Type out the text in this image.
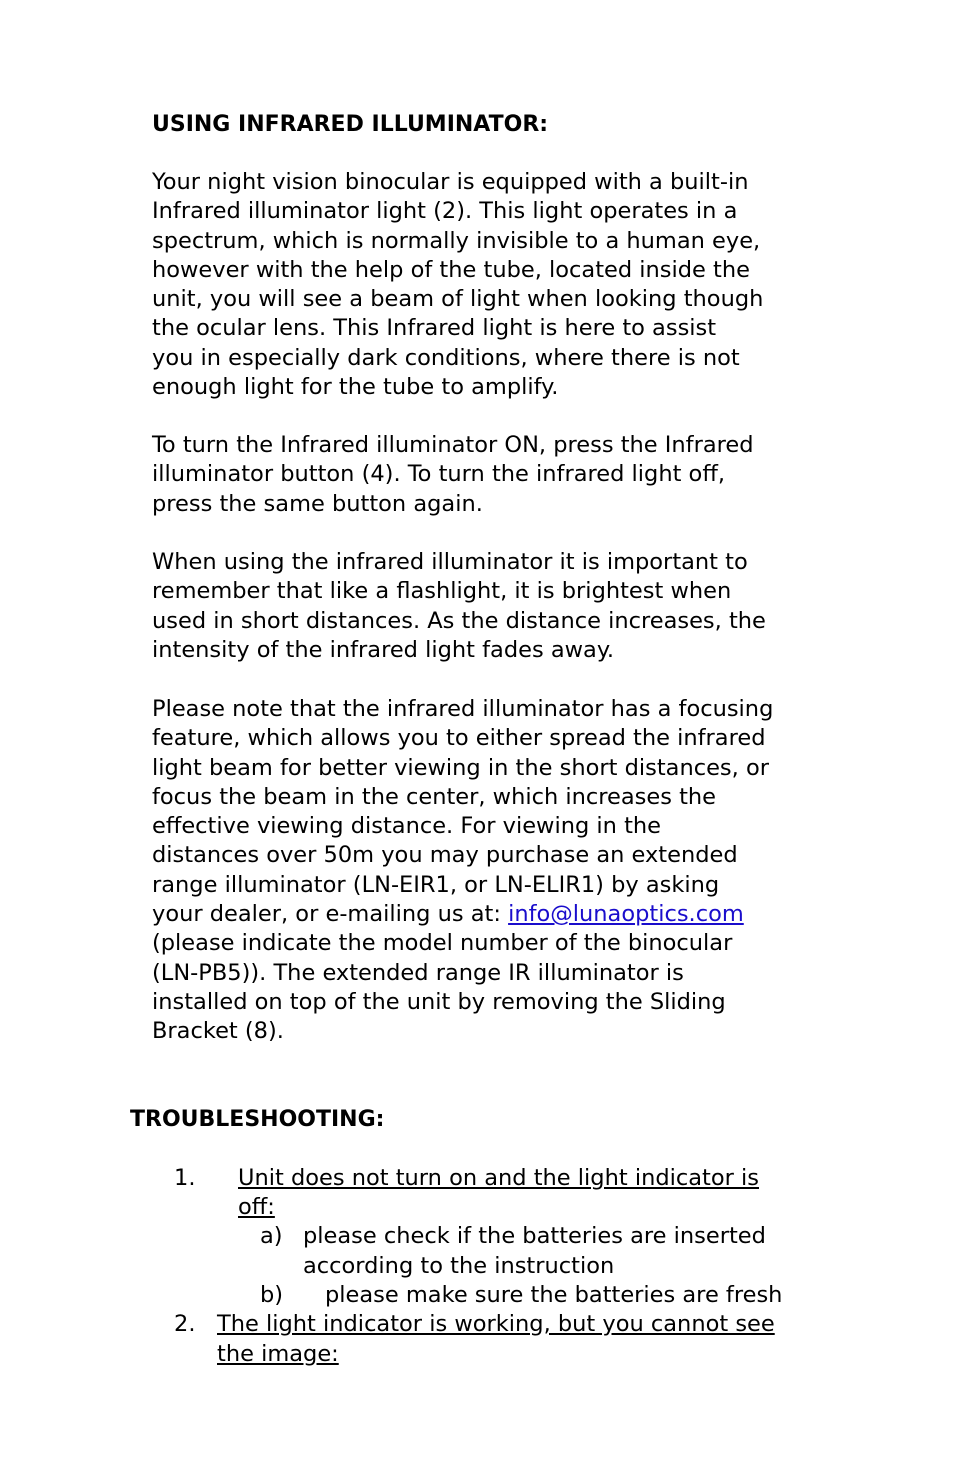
USING INFRARED ILLUMINATOR:
Your night vision binocular is equipped with a built-in
Infrared illuminator light (2). This light operates in a
spectrum, which is normally invisible to a human eye,
however with the help of the tube, located inside the
unit, you will see a beam of light when looking though
the ocular lens. This Infrared light is here to assist
you in especially dark conditions, where there is not
enough light for the tube to amplify.
To turn the Infrared illuminator ON, press the Infrared
illuminator button (4). To turn the infrared light off,
press the same button again.
When using the infrared illuminator it is important to
remember that like a flashlight, it is brightest when
used in short distances. As the distance increases, the
intensity of the infrared light fades away.
Please note that the infrared illuminator has a focusing
feature, which allows you to either spread the infrared
light beam for better viewing in the short distances, or
focus the beam in the center, which increases the
effective viewing distance. For viewing in the
distances over 50m you may purchase an extended
range illuminator (LN-EIR1, or LN-ELIR1) by asking
your dealer, or e-mailing us at: info@lunaoptics.com
(please indicate the model number of the binocular
(LN-PB5)). The extended range IR illuminator is
installed on top of the unit by removing the Sliding
Bracket (8).
TROUBLESHOOTING:
1. Unit does not turn on and the light indicator is
off:
a) please check if the batteries are inserted
according to the instruction
b) please make sure the batteries are fresh
2. The light indicator is working, but you cannot see
the image:
